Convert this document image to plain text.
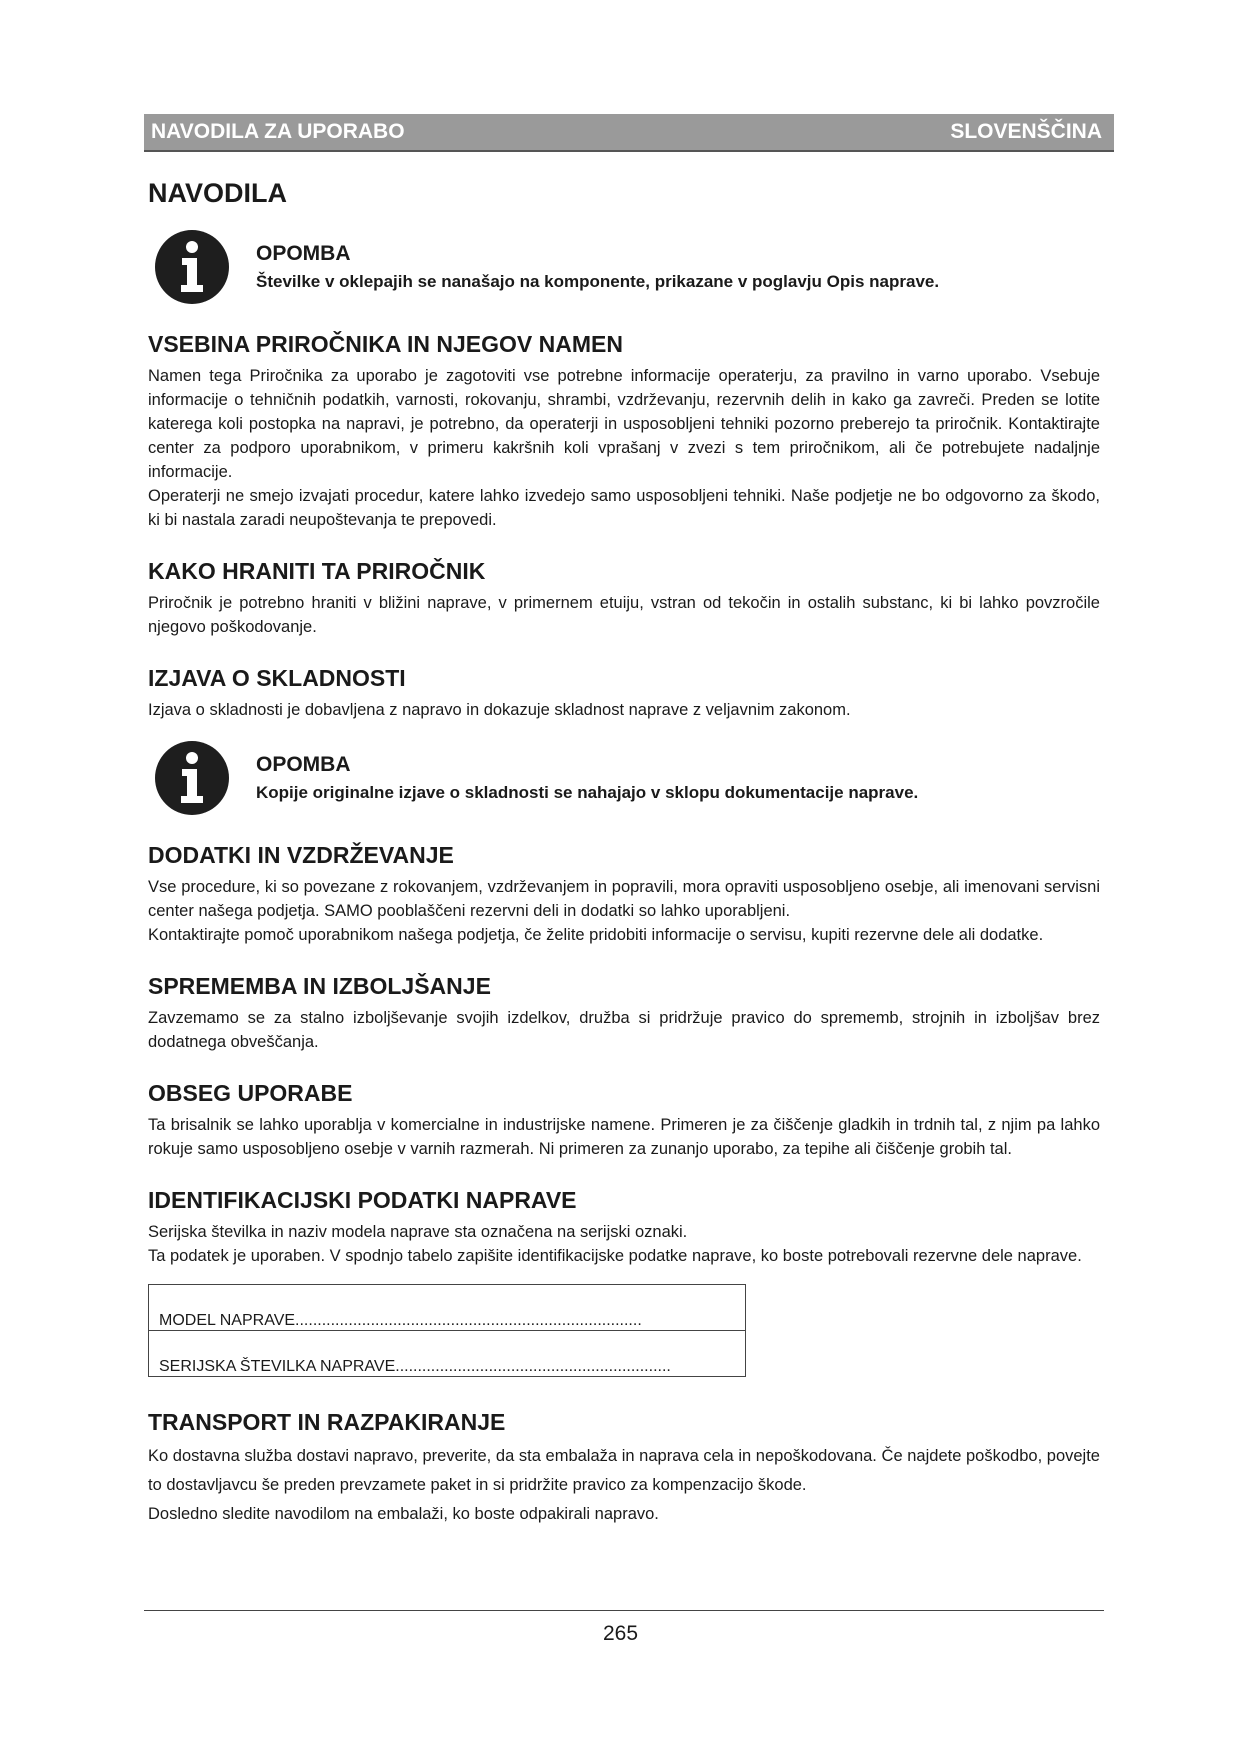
NAVODILA ZA UPORABO	SLOVENŠČINA
NAVODILA
OPOMBA
Številke v oklepajih se nanašajo na komponente, prikazane v poglavju Opis naprave.
VSEBINA PRIROČNIKA IN NJEGOV NAMEN

Namen tega Priročnika za uporabo je zagotoviti vse potrebne informacije operaterju, za pravilno in varno uporabo. Vsebuje informacije o tehničnih podatkih, varnosti, rokovanju, shrambi, vzdrževanju, rezervnih delih in kako ga zavreči. Preden se lotite katerega koli postopka na napravi, je potrebno, da operaterji in usposobljeni tehniki pozorno preberejo ta priročnik. Kontaktirajte center za podporo uporabnikom, v primeru kakršnih koli vprašanj v zvezi s tem priročnikom, ali če potrebujete nadaljnje informacije.

Operaterji ne smejo izvajati procedur, katere lahko izvedejo samo usposobljeni tehniki. Naše podjetje ne bo odgovorno za škodo, ki bi nastala zaradi neupoštevanja te prepovedi.

KAKO HRANITI TA PRIROČNIK

Priročnik je potrebno hraniti v bližini naprave, v primernem etuiju, vstran od tekočin in ostalih substanc, ki bi lahko povzročile njegovo poškodovanje.

IZJAVA O SKLADNOSTI

Izjava o skladnosti je dobavljena z napravo in dokazuje skladnost naprave z veljavnim zakonom.

OPOMBA
Kopije originalne izjave o skladnosti se nahajajo v sklopu dokumentacije naprave.
DODATKI IN VZDRŽEVANJE

Vse procedure, ki so povezane z rokovanjem, vzdrževanjem in popravili, mora opraviti usposobljeno osebje, ali imenovani servisni center našega podjetja. SAMO pooblaščeni rezervni deli in dodatki so lahko uporabljeni.

Kontaktirajte pomoč uporabnikom našega podjetja, če želite pridobiti informacije o servisu, kupiti rezervne dele ali dodatke.

SPREMEMBA IN IZBOLJŠANJE

Zavzemamo se za stalno izboljševanje svojih izdelkov, družba si pridržuje pravico do sprememb, strojnih in izboljšav brez dodatnega obveščanja.

OBSEG UPORABE

Ta brisalnik se lahko uporablja v komercialne in industrijske namene. Primeren je za čiščenje gladkih in trdnih tal, z njim pa lahko rokuje samo usposobljeno osebje v varnih razmerah. Ni primeren za zunanjo uporabo, za tepihe ali čiščenje grobih tal.

IDENTIFIKACIJSKI PODATKI NAPRAVE

Serijska številka in naziv modela naprave sta označena na serijski oznaki.

Ta podatek je uporaben. V spodnjo tabelo zapišite identifikacijske podatke naprave, ko boste potrebovali rezervne dele naprave.

MODEL NAPRAVE..............................................................................
SERIJSKA ŠTEVILKA NAPRAVE..............................................................
TRANSPORT IN RAZPAKIRANJE

Ko dostavna služba dostavi napravo, preverite, da sta embalaža in naprava cela in nepoškodovana. Če najdete poškodbo, povejte to dostavljavcu še preden prevzamete paket in si pridržite pravico za kompenzacijo škode.

Dosledno sledite navodilom na embalaži, ko boste odpakirali napravo.

265
